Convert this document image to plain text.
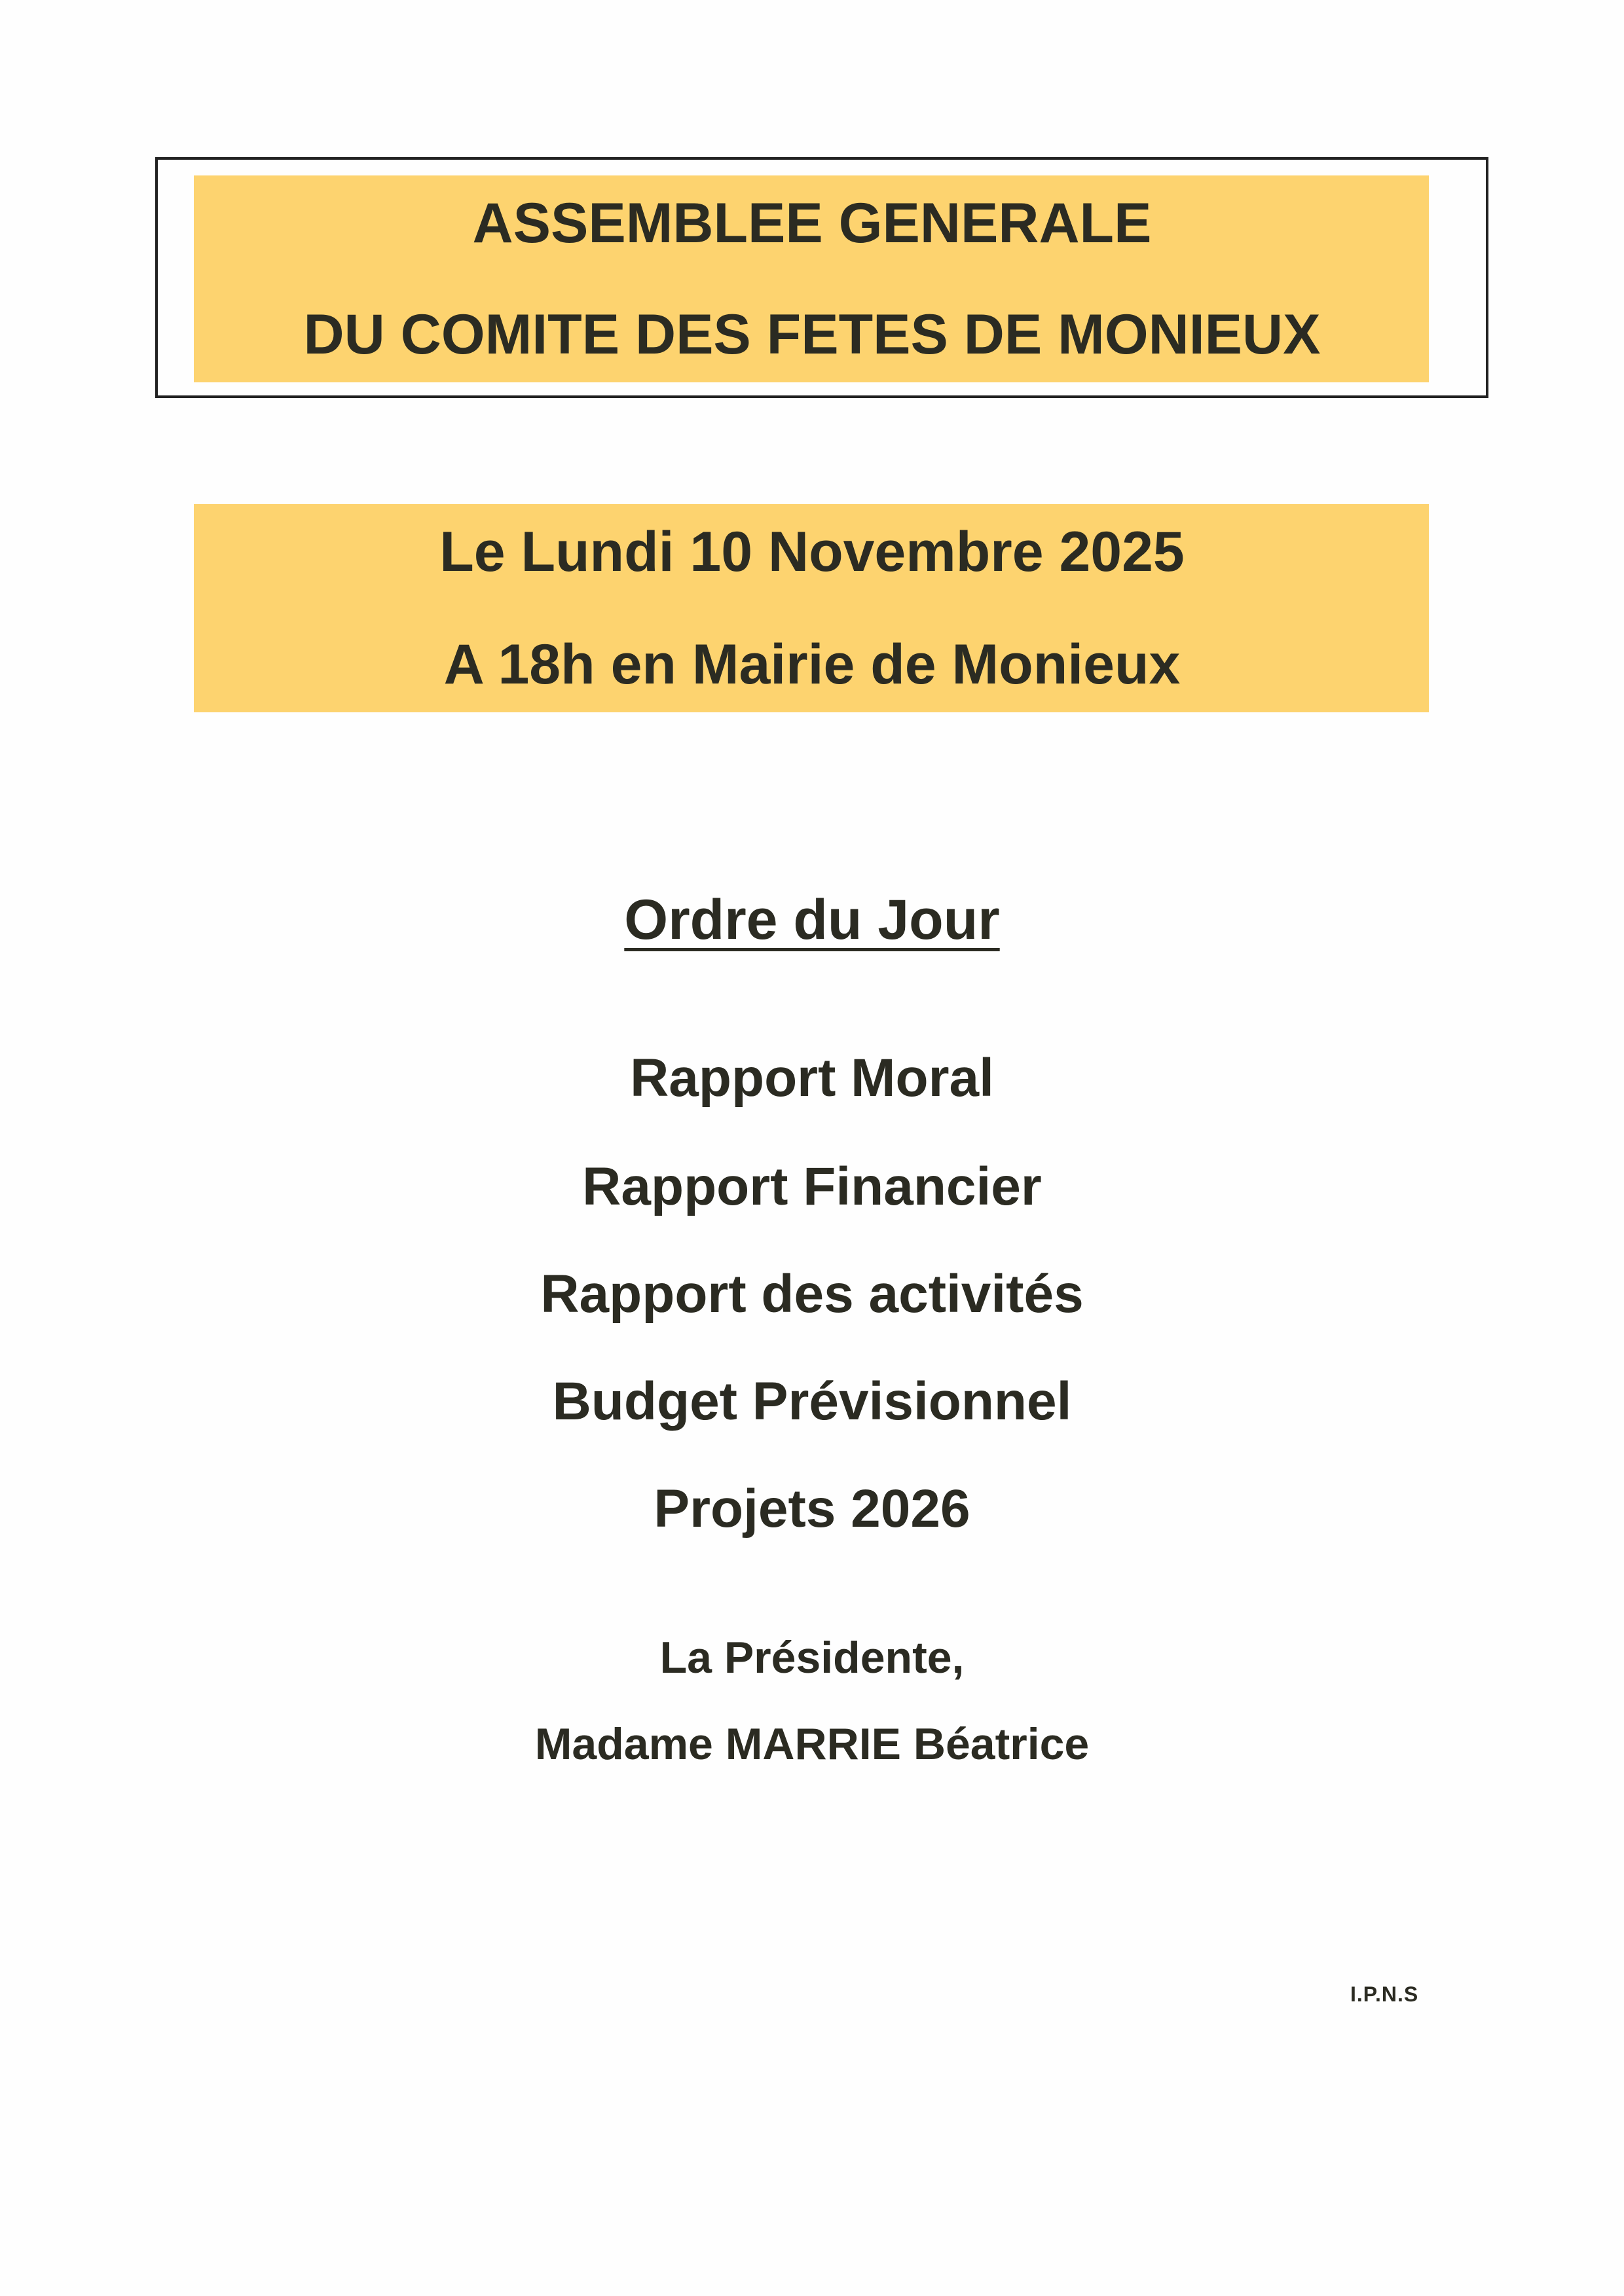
ASSEMBLEE GENERALE
DU COMITE DES FETES DE MONIEUX
Le Lundi 10 Novembre 2025
A 18h en Mairie de Monieux
Ordre du Jour
Rapport Moral
Rapport Financier
Rapport des activités
Budget Prévisionnel
Projets 2026
La Présidente,
Madame MARRIE Béatrice
I.P.N.S
